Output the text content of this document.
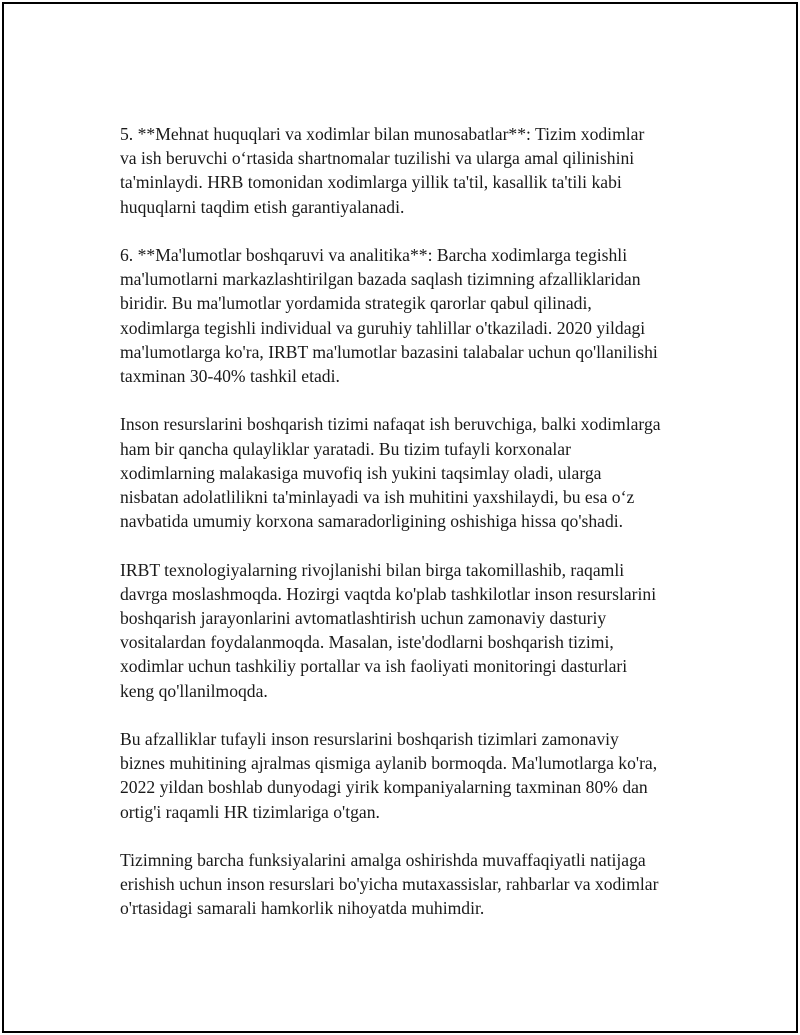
5. **Mehnat huquqlari va xodimlar bilan munosabatlar**: Tizim xodimlar
va ish beruvchi o‘rtasida shartnomalar tuzilishi va ularga amal qilinishini
ta'minlaydi. HRB tomonidan xodimlarga yillik ta'til, kasallik ta'tili kabi
huquqlarni taqdim etish garantiyalanadi.

6. **Ma'lumotlar boshqaruvi va analitika**: Barcha xodimlarga tegishli
ma'lumotlarni markazlashtirilgan bazada saqlash tizimning afzalliklaridan
biridir. Bu ma'lumotlar yordamida strategik qarorlar qabul qilinadi,
xodimlarga tegishli individual va guruhiy tahlillar o'tkaziladi. 2020 yildagi
ma'lumotlarga ko'ra, IRBT ma'lumotlar bazasini talabalar uchun qo'llanilishi
taxminan 30-40% tashkil etadi.

Inson resurslarini boshqarish tizimi nafaqat ish beruvchiga, balki xodimlarga
ham bir qancha qulayliklar yaratadi. Bu tizim tufayli korxonalar
xodimlarning malakasiga muvofiq ish yukini taqsimlay oladi, ularga
nisbatan adolatlilikni ta'minlayadi va ish muhitini yaxshilaydi, bu esa o‘z
navbatida umumiy korxona samaradorligining oshishiga hissa qo'shadi.

IRBT texnologiyalarning rivojlanishi bilan birga takomillashib, raqamli
davrga moslashmoqda. Hozirgi vaqtda ko'plab tashkilotlar inson resurslarini
boshqarish jarayonlarini avtomatlashtirish uchun zamonaviy dasturiy
vositalardan foydalanmoqda. Masalan, iste'dodlarni boshqarish tizimi,
xodimlar uchun tashkiliy portallar va ish faoliyati monitoringi dasturlari
keng qo'llanilmoqda.

Bu afzalliklar tufayli inson resurslarini boshqarish tizimlari zamonaviy
biznes muhitining ajralmas qismiga aylanib bormoqda. Ma'lumotlarga ko'ra,
2022 yildan boshlab dunyodagi yirik kompaniyalarning taxminan 80% dan
ortig'i raqamli HR tizimlariga o'tgan.

Tizimning barcha funksiyalarini amalga oshirishda muvaffaqiyatli natijaga
erishish uchun inson resurslari bo'yicha mutaxassislar, rahbarlar va xodimlar
o'rtasidagi samarali hamkorlik nihoyatda muhimdir.
